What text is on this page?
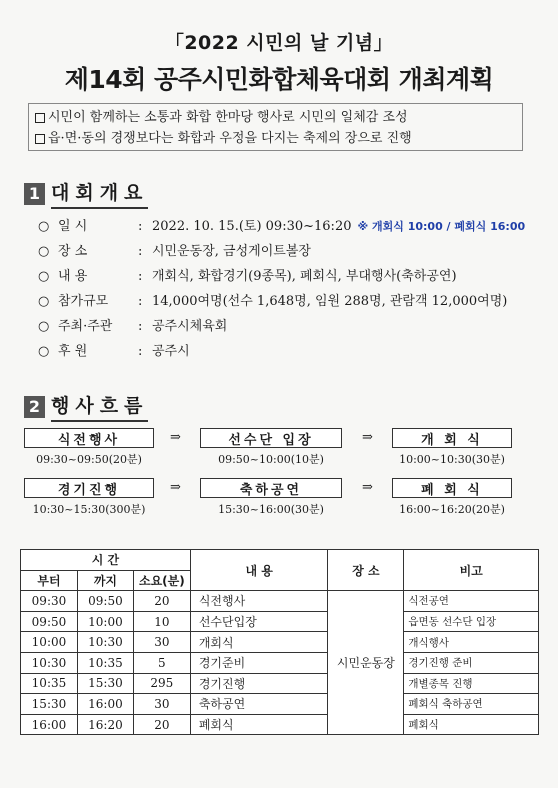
「2022 시민의 날 기념」
제14회 공주시민화합체육대회 개최계획
시민이 함께하는 소통과 화합 한마당 행사로 시민의 일체감 조성
읍·면·동의 경쟁보다는 화합과 우정을 다지는 축제의 장으로 진행
1 대회개요
○ 일 시	: 2022. 10. 15.(토) 09:30~16:20 ※ 개회식 10:00 / 폐회식 16:00
○ 장 소	: 시민운동장, 금성게이트볼장
○ 내 용	: 개회식, 화합경기(9종목), 폐회식, 부대행사(축하공연)
○ 참가규모	: 14,000여명(선수 1,648명, 임원 288명, 관람객 12,000여명)
○ 주최·주관	: 공주시체육회
○ 후 원	: 공주시
2 행사흐름
식전행사
09:30~09:50(20분)
⇒	선수단 입장
09:50~10:00(10분)
⇒	개 회 식
10:00~10:30(30분)
경기진행
10:30~15:30(300분)
⇒	축하공연
15:30~16:00(30분)
⇒	폐 회 식
16:00~16:20(20분)
시 간			내 용	장 소	비고
부터	까지	소요(분)			
09:30	09:50	20	식전행사	시민운동장	식전공연
09:50	10:00	10	선수단입장		읍면동 선수단 입장
10:00	10:30	30	개회식		개식행사
10:30	10:35	5	경기준비		경기진행 준비
10:35	15:30	295	경기진행		개별종목 진행
15:30	16:00	30	축하공연		폐회식 축하공연
16:00	16:20	20	폐회식		폐회식
